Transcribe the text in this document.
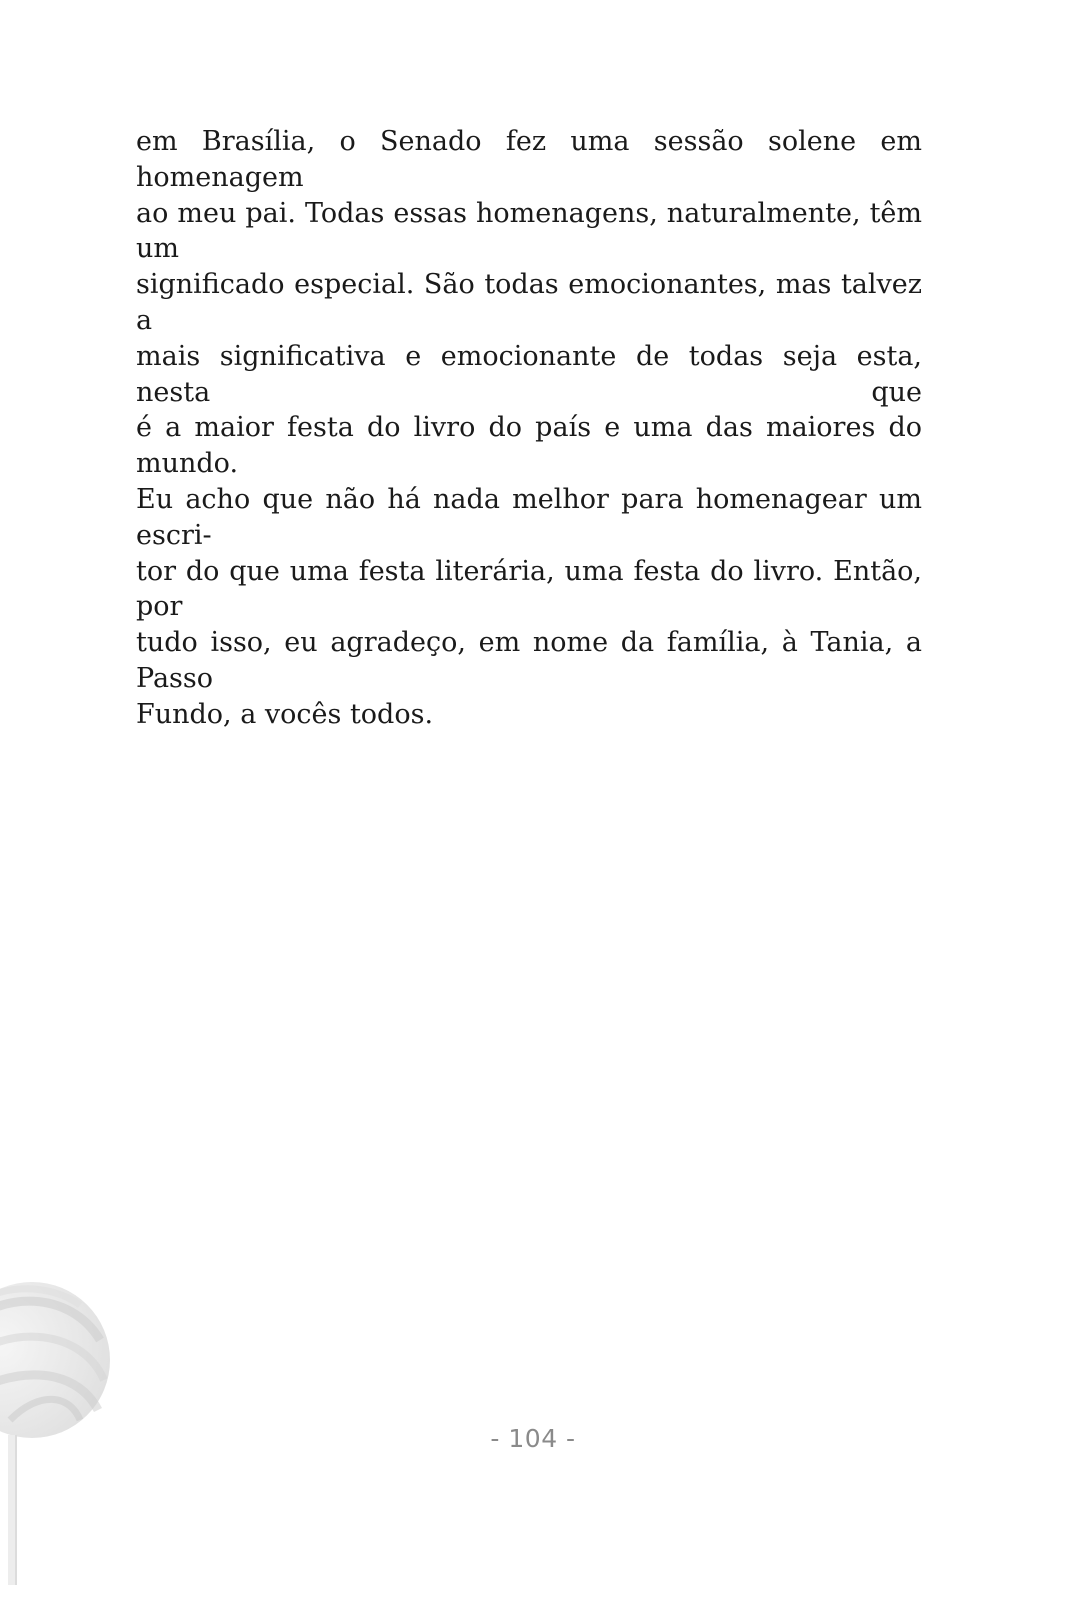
em Brasília, o Senado fez uma sessão solene em homenagem
ao meu pai. Todas essas homenagens, naturalmente, têm um
significado especial. São todas emocionantes, mas talvez a
mais significativa e emocionante de todas seja esta, nesta que
é a maior festa do livro do país e uma das maiores do mundo.
Eu acho que não há nada melhor para homenagear um escri-
tor do que uma festa literária, uma festa do livro. Então, por
tudo isso, eu agradeço, em nome da família, à Tania, a Passo
Fundo, a vocês todos.
- 104 -
